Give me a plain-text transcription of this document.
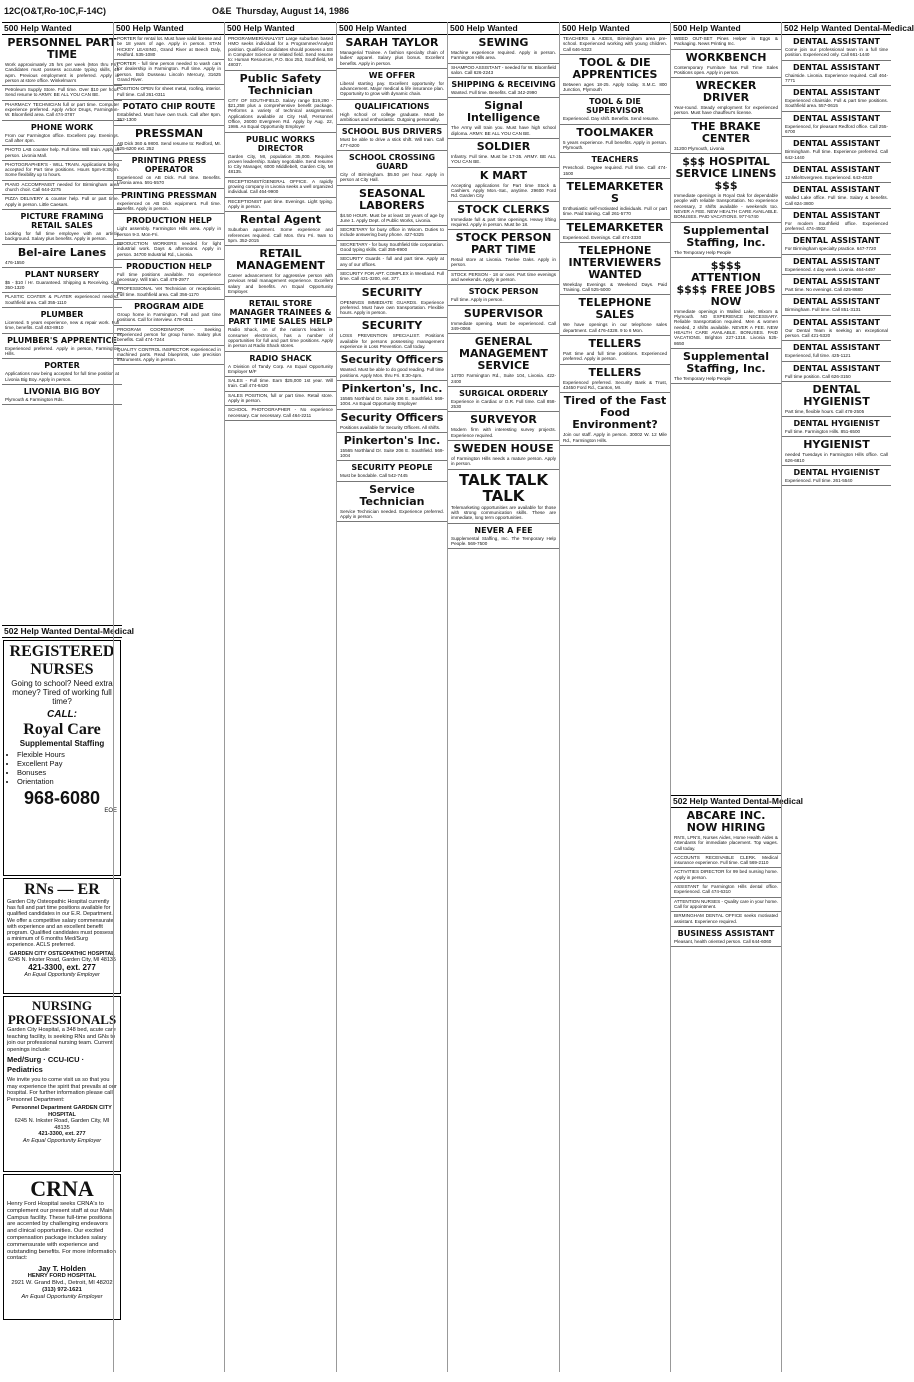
12C(O&T,Ro-10C,F-14C)	O&E Thursday, August 14, 1986
500 Help Wanted
PERSONNEL PART TIME
Work approximately 25 hrs per week (Mon thru Fri). Candidates must possess accurate typing skills, 45 wpm. Previous employment is preferred. Apply in person at store office. Winkelman's
Petroleum Supply Store. Full time. Over $10 per hour. Send resume to ARMY. BE ALL YOU CAN BE.
PHARMACY TECHNICIAN full or part time. Computer experience preferred. Apply Arbor Drugs, Farmington-W. Bloomfield area. Call 474-3787
PHONE WORK
From our Farmington office. Excellent pay. Evenings. Call after 4pm.
PHOTO LAB counter help. Full time. Will train. Apply in person. Livonia Mall.
PHOTOGRAPHER'S - WILL TRAIN. Applications being accepted for Part time positions. Hours 5pm-9:30pm. Some flexibility up to hours.
PIANO ACCOMPANIST needed for Birmingham area church choir. Call 644-2275
PIZZA DELIVERY & counter help. Full or part time. Apply in person. Little Caesars.
PICTURE FRAMING RETAIL SALES
Looking for full time employee with an artistic background. Salary plus benefits. Apply in person.
Bel-aire Lanes
476-1550
PLANT NURSERY
$5 - $10 / Hr. Guaranteed. Shipping & Receiving. Call 350-1320
PLASTIC COATER & PLATER experienced needed. Southfield area. Call 355-1110
PLUMBER
Licensed. 5 years experience, new & repair work. Full time, benefits. Call 453-8910
PLUMBER'S APPRENTICE
Experienced preferred. Apply in person, Farmington Hills.
PORTER
Applications now being accepted for full time position at Livonia Big Boy. Apply in person.
LIVONIA BIG BOY
Plymouth & Farmington Rds.
502 Help Wanted Dental-Medical
REGISTERED NURSES
Going to school? Need extra money? Tired of working full time?
CALL:
Royal Care
Supplemental Staffing
• Flexible Hours
• Excellent Pay
• Bonuses
• Orientation
968-6080
EOE
RNs — ER
Garden City Osteopathic Hospital currently has full and part time positions available for qualified candidates in our E.R. Department. We offer a competitive salary commensurate with experience and an excellent benefit program. Qualified candidates must possess a minimum of 6 months Med/Surg experience. ACLS preferred.
GARDEN CITY OSTEOPATHIC HOSPITAL
6245 N. Inkster Road, Garden City, MI 48135
421-3300, ext. 277
An Equal Opportunity Employer
NURSING PROFESSIONALS
Garden City Hospital, a 348 bed, acute care teaching facility, is seeking RNs and GNs to join our professional nursing team. Current openings include:
Med/Surg · CCU-ICU · Pediatrics
We invite you to come visit us so that you may experience the spirit that prevails at our hospital. For further information please call Personnel Department:
Personnel Department GARDEN CITY HOSPITAL
6245 N. Inkster Road, Garden City, MI 48135
421-3300, ext. 277
An Equal Opportunity Employer
CRNA
Henry Ford Hospital seeks CRNA's to complement our present staff at our Main Campus facility. These full-time positions are accented by challenging endeavors and clinical opportunities. Our excited compensation package includes salary commensurate with experience and outstanding benefits. For more information contact:
Jay T. Holden
HENRY FORD HOSPITAL
2921 W. Grand Blvd., Detroit, MI 48202
(313) 972-1621
An Equal Opportunity Employer
500 Help Wanted
PORTER for rental lot. Must have valid license and be 18 years of age. Apply in person. STAN HICKEY LEASING, Grand River at Beech Daly, Redford. 535-1080
PORTER - full time person needed to wash cars for dealership in Farmington. Full time. Apply in person. Bob Dusseau Lincoln Mercury, 31625 Grand River.
POSITION OPEN for sheet metal, roofing, interior. Full time. Call 261-0311
POTATO CHIP ROUTE
Established. Must have own truck. Call after 6pm. 352-1300
PRESSMAN
AB Dick 360 & 9800. Send resume to: Redford, MI. 525-6200 ext. 252
PRINTING PRESS OPERATOR
Experienced on AB Dick. Full time. Benefits. Livonia area. 591-5570
PRINTING PRESSMAN
experienced on AB Dick equipment. Full time. Benefits. Apply in person.
PRODUCTION HELP
Light assembly. Farmington Hills area. Apply in person 9-3. Mon-Fri.
PRODUCTION WORKERS needed for light industrial work. Days & afternoons. Apply in person. 34700 Industrial Rd., Livonia.
PRODUCTION HELP
Full time positions available. No experience necessary. Will train. Call 478-2977
PROFESSIONAL Vet Technician or receptionist. Full time. Southfield area. Call 356-1170
PROGRAM AIDE
Group home in Farmington. Full and part time positions. Call for interview. 478-0511
PROGRAM COORDINATOR - Seeking experienced person for group home. Salary plus benefits. Call 474-7244
QUALITY CONTROL INSPECTOR experienced in machined parts. Read blueprints, use precision instruments. Apply in person.
500 Help Wanted
PROGRAMMER/ANALYST Large suburban based HMO seeks individual for a Programmer/Analyst position. Qualified candidates should possess a BS in Computer Science or related field. Send resume to: Human Resources, P.O. Box 253, Southfield, MI 48037.
Public Safety Technician
CITY OF SOUTHFIELD. Salary range $19,290 - $21,258 plus a comprehensive benefit package. Performs a variety of technical assignments. Applications available at City Hall, Personnel Office, 26000 Evergreen Rd. Apply by Aug. 22, 1986. An Equal Opportunity Employer
PUBLIC WORKS DIRECTOR
Garden City, MI, population 35,000. Requires proven leadership. Salary negotiable. Send resume to City Manager, 6000 Middlebelt, Garden City, MI 48135.
RECEPTIONIST/GENERAL OFFICE. A rapidly growing company in Livonia seeks a well organized individual. Call 464-9900
RECEPTIONIST part time. Evenings. Light typing. Apply in person.
Rental Agent
Suburban apartment. Some experience and references required. Call Mon. thru Fri. 9am to 5pm. 352-2015
RETAIL MANAGEMENT
Career advancement for aggressive person with previous retail management experience. Excellent salary and benefits. An Equal Opportunity Employer.
RETAIL STORE MANAGER TRAINEES & PART TIME SALES HELP
Radio Shack, on of the nation's leaders in consumer electronics, has a number of opportunities for full and part time positions. Apply in person at Radio Shack stores.
RADIO SHACK
A Division of Tandy Corp. An Equal Opportunity Employer M/F
SALES - Full time. Earn $25,000 1st year. Will train. Call 474-6420
SALES POSITION, full or part time. Retail store. Apply in person.
SCHOOL PHOTOGRAPHER - No experience necessary. Car necessary. Call 464-2211
500 Help Wanted
SARAH TAYLOR
Managerial Trainee. A fashion specialty chain of ladies' apparel. Salary plus bonus. Excellent benefits. Apply in person.
WE OFFER
Liberal starting pay. Excellent opportunity for advancement. Major medical & life insurance plan. Opportunity to grow with dynamic chain.
QUALIFICATIONS
High school or college graduate. Must be ambitious and enthusiastic. Outgoing personality.
SCHOOL BUS DRIVERS
Must be able to drive a stick shift. Will train. Call 477-6200
SCHOOL CROSSING GUARD
City of Birmingham. $5.50 per hour. Apply in person at City Hall.
SEASONAL LABORERS
$4.50 HOUR. Must be at least 18 years of age by June 1. Apply Dept. of Public Works, Livonia.
SECRETARY for busy office in Wixom. Duties to include answering busy phone. 427-5325
SECRETARY - for busy Southfield title corporation. Good typing skills. Call 355-8900
SECURITY Guards - full and part time. Apply at any of our offices.
SECURITY FOR APT. COMPLEX in Westland. Full time. Call 421-3200, ext. 377.
SECURITY
OPENINGS IMMEDIATE GUARDS. Experience preferred. Must have own transportation. Flexible hours. Apply in person.
SECURITY
LOSS PREVENTION SPECIALIST. Positions available for persons possessing management experience in Loss Prevention. Call today.
Security Officers
Wanted. Must be able to do good reading. Full time positions. Apply Mon. thru Fri. 8:30-4pm.
Pinkerton's, Inc.
15565 Northland Dr. Suite 206 E. Southfield. 569-1004. An Equal Opportunity Employer
Security Officers
Positions available for Security Officers. All shifts.
Pinkerton's Inc.
15565 Northland Dr. Suite 206 E. Southfield. 569-1004
SECURITY PEOPLE
Must be bondable. Call 542-7445
Service Technician
Service Technician needed. Experience preferred. Apply in person.
500 Help Wanted
SEWING
Machine experience required. Apply in person. Farmington Hills area.
SHAMPOO ASSISTANT - needed for W. Bloomfield salon. Call 626-2243
SHIPPING & RECEIVING
Wanted. Full time. Benefits. Call 342-2990
Signal Intelligence
The Army will train you. Must have high school diploma. ARMY. BE ALL YOU CAN BE.
SOLDIER
Infantry. Full time. Must be 17-35. ARMY. BE ALL YOU CAN BE.
K MART
Accepting applications for Part time Stock & Cashiers. Apply Mon.-Sat., anytime. 29600 Ford Rd. Garden City
STOCK CLERKS
Immediate full & part time openings. Heavy lifting required. Apply in person. Must be 18.
STOCK PERSON PART TIME
Retail store at Livonia. Twelve Oaks. Apply in person.
STOCK PERSON - 18 or over. Part time evenings and weekends. Apply in person.
STOCK PERSON
Full time. Apply in person.
SUPERVISOR
Immediate opening. Must be experienced. Call 349-0066
GENERAL MANAGEMENT SERVICE
14700 Farmington Rd., Suite 104, Livonia. 422-2400
SURGICAL ORDERLY
Experience in Cardiac or O.R. Full time. Call 858-2530
SURVEYOR
Modern firm with interesting survey projects. Experience required.
SWEDEN HOUSE
of Farmington Hills needs a mature person. Apply in person.
TALK TALK TALK
Telemarketing opportunities are available for those with strong communication skills. These are immediate, long term opportunities.
NEVER A FEE
Supplemental Staffing, Inc. The Temporary Help People. 569-7500
500 Help Wanted
TEACHERS & AIDES, Birmingham area pre-school. Experienced working with young children. Call 646-5323
TOOL & DIE APPRENTICES
Between ages 18-25. Apply today. S.M.C. 800 Junction, Plymouth
TOOL & DIE SUPERVISOR
Experienced. Day shift. Benefits. Send resume.
TOOLMAKER
5 years experience. Full benefits. Apply in person. Plymouth.
TEACHERS
Preschool. Degree required. Full time. Call 474-1500
TELEMARKETERS
Enthusiastic self-motivated individuals. Full or part time. Paid training. Call 261-5770
TELEMARKETER
Experienced. Evenings. Call 474-3330
TELEPHONE INTERVIEWERS WANTED
Weekday Evenings & Weekend Days. Paid Training. Call 525-5000
TELEPHONE SALES
We have openings in our telephone sales department. Call 476-4328. 9 to 6 Mon.
TELLERS
Part time and full time positions. Experienced preferred. Apply in person.
TELLERS
Experienced preferred. Security Bank & Trust, 43450 Ford Rd., Canton, MI.
Tired of the Fast Food Environment?
Join our staff. Apply in person. 30002 W. 12 Mile Rd., Farmington Hills.
500 Help Wanted
WEED OUT-SET Pines Helper in Eggs & Packaging. News Printing Inc.
WORKBENCH
Contemporary Furniture has Full Time Sales Positions open. Apply in person.
WRECKER DRIVER
Year-round. Steady employment for experienced person. Must have chauffeur's license.
THE BRAKE CENTER
31200 Plymouth, Livonia
$$$ HOSPITAL SERVICE LINENS $$$
Immediate openings in Royal Oak for dependable people with reliable transportation. No experience necessary, 2 shifts available - weekends too. NEVER A FEE. NEW HEALTH CARE AVAILABLE. BONUSES. PAID VACATIONS. 977-5740
Supplemental Staffing, Inc.
The Temporary Help People
$$$$ ATTENTION $$$$ FREE JOBS NOW
Immediate openings in Walled Lake, Wixom & Plymouth. NO EXPERIENCE NECESSARY. Reliable transportation required. Men & women needed, 2 shifts available. NEVER A FEE. NEW HEALTH CARE AVAILABLE. BONUSES. PAID VACATIONS. Brighton 227-1318. Livonia 525-8650
Supplemental Staffing, Inc.
The Temporary Help People
502 Help Wanted Dental-Medical
ABCARE INC. NOW HIRING
RN'S, LPN'S, Nurses Aides, Home Health Aides & Attendants for immediate placement. Top wages. Call today.
ACCOUNTS RECEIVABLE CLERK. Medical insurance experience. Full time. Call 569-2110
ACTIVITIES DIRECTOR for 99 bed nursing home. Apply in person.
ASSISTANT for Farmington Hills dental office. Experienced. Call 474-6310
ATTENTION NURSES - Quality care in your home. Call for appointment.
BIRMINGHAM DENTAL OFFICE seeks motivated assistant. Experience required.
BUSINESS ASSISTANT
Pleasant, health oriented person. Call 644-6060
502 Help Wanted Dental-Medical
DENTAL ASSISTANT
Come join our professional team in a full time position. Experienced only. Call 661-1440
DENTAL ASSISTANT
Chairside. Livonia. Experience required. Call 464-7771
DENTAL ASSISTANT
Experienced chairside. Full & part time positions. Southfield area. 557-0615
DENTAL ASSISTANT
Experienced, for pleasant Redford office. Call 255-6700
DENTAL ASSISTANT
Birmingham. Full time. Experience preferred. Call 642-1440
DENTAL ASSISTANT
12 Mile/Evergreen. Experienced. 643-4020
DENTAL ASSISTANT
Walled Lake office. Full time. Salary & benefits. Call 624-3800
DENTAL ASSISTANT
For modern Southfield office. Experienced preferred. 474-4502
DENTAL ASSISTANT
For Birmingham specialty practice. 647-7720
DENTAL ASSISTANT
Experienced. 4 day week. Livonia. 464-4497
DENTAL ASSISTANT
Part time. No evenings. Call 425-8680
DENTAL ASSISTANT
Birmingham. Full time. Call 851-3131
DENTAL ASSISTANT
Our Dental Team is seeking an exceptional person. Call 421-5320
DENTAL ASSISTANT
Experienced, full time. 425-1121
DENTAL ASSISTANT
Full time position. Call 626-3150
DENTAL HYGIENIST
Part time, flexible hours. Call 478-2505
DENTAL HYGIENIST
Full time. Farmington Hills. 851-6500
HYGIENIST
needed Tuesdays in Farmington Hills office. Call 626-6810
DENTAL HYGIENIST
Experienced. Full time. 261-5540
